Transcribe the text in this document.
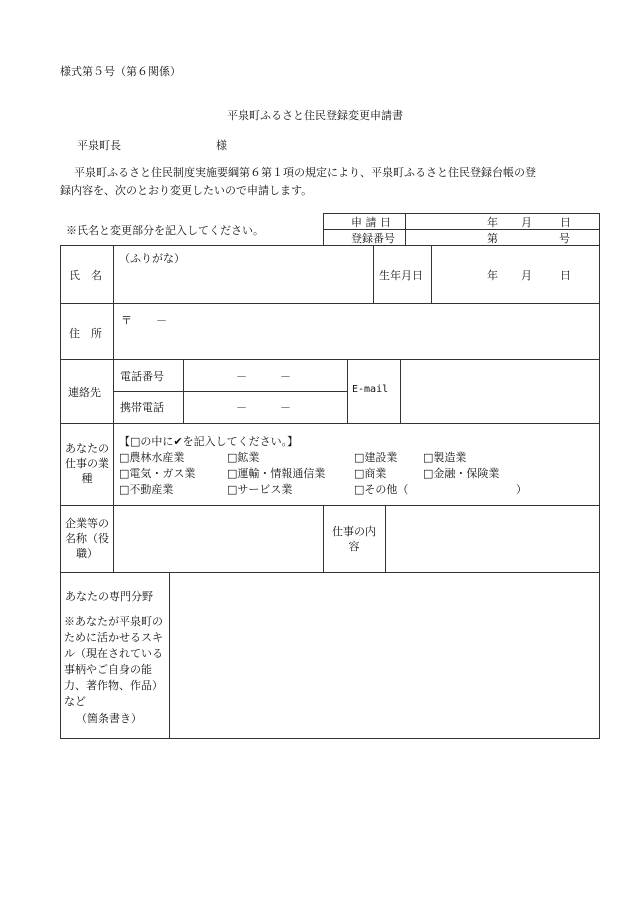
様式第５号（第６関係）
平泉町ふるさと住民登録変更申請書
平泉町長	様
平泉町ふるさと住民制度実施要綱第６第１項の規定により、平泉町ふるさと住民登録台帳の登
録内容を、次のとおり変更したいので申請します。
※氏名と変更部分を記入してください。
申 請 日	年 月	日
登録番号	第	号
氏　名
（ふりがな）
生年月日	年 月	日
住　所
〒 －
連絡先
電話番号	－　　　－
携帯電話	－　　　－
E-mail
あなたの仕事の業種
【□の中に✔を記入してください。】
□農林水産業	□鉱業	□建設業 □製造業
□電気・ガス業	□運輸・情報通信業	□商業	□金融・保険業
□不動産業	□サービス業	□その他（	）
企業等の名称（役職）
仕事の内容
あなたの専門分野
※あなたが平泉町のために活かせるスキル（現在されている事柄やご自身の能力、著作物、作品）など
（箇条書き）
